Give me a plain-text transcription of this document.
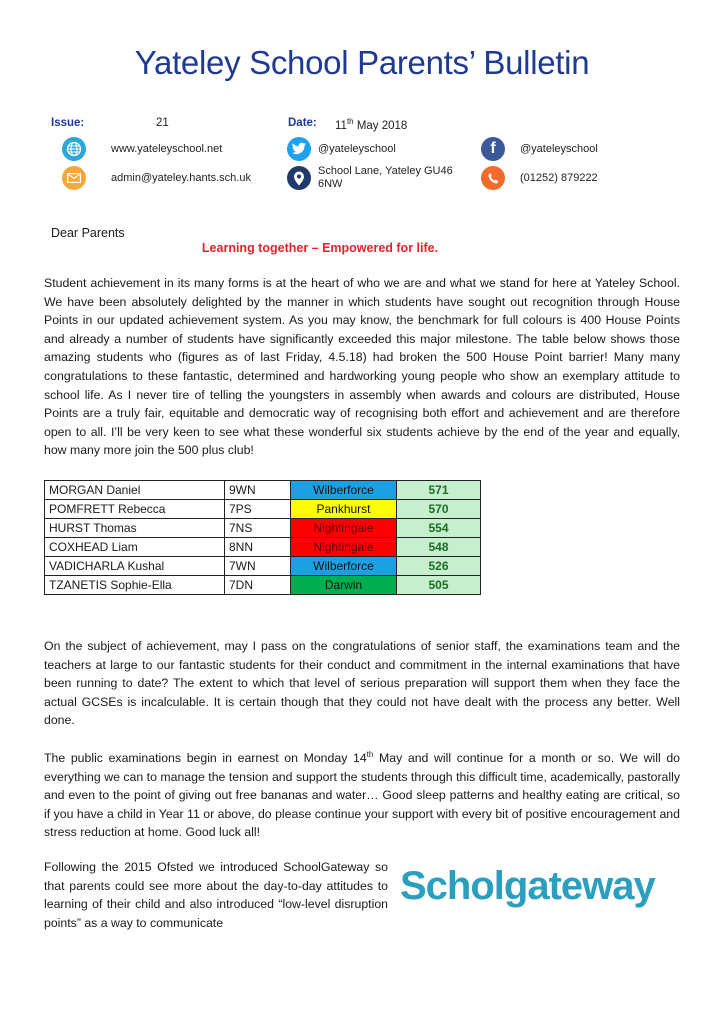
Yateley School Parents’ Bulletin
Issue:	21	Date: 11th May 2018
www.yateleyschool.net	@yateleyschool	f @yateleyschool
admin@yateley.hants.sch.uk
School Lane, Yateley GU46
6NW	(01252) 879222
Dear Parents
Learning together – Empowered for life.
Student achievement in its many forms is at the heart of who we are and what we stand for here at Yateley School. We have been absolutely delighted by the manner in which students have sought out recognition through House Points in our updated achievement system. As you may know, the benchmark for full colours is 400 House Points and already a number of students have significantly exceeded this major milestone. The table below shows those amazing students who (figures as of last Friday, 4.5.18) had broken the 500 House Point barrier! Many many congratulations to these fantastic, determined and hardworking young people who show an exemplary attitude to school life. As I never tire of telling the youngsters in assembly when awards and colours are distributed, House Points are a truly fair, equitable and democratic way of recognising both effort and achievement and are therefore open to all. I’ll be very keen to see what these wonderful six students achieve by the end of the year and equally, how many more join the 500 plus club!
MORGAN Daniel	9WN	Wilberforce	571
POMFRETT Rebecca	7PS	Pankhurst	570
HURST Thomas	7NS	Nightingale	554
COXHEAD Liam	8NN	Nightingale	548
VADICHARLA Kushal	7WN	Wilberforce	526
TZANETIS Sophie-Ella	7DN	Darwin	505
On the subject of achievement, may I pass on the congratulations of senior staff, the examinations team and the teachers at large to our fantastic students for their conduct and commitment in the internal examinations that have been running to date? The extent to which that level of serious preparation will support them when they face the actual GCSEs is incalculable. It is certain though that they could not have dealt with the process any better. Well done.
The public examinations begin in earnest on Monday 14th May and will continue for a month or so. We will do everything we can to manage the tension and support the students through this difficult time, academically, pastorally and even to the point of giving out free bananas and water… Good sleep patterns and healthy eating are critical, so if you have a child in Year 11 or above, do please continue your support with every bit of positive encouragement and stress reduction at home. Good luck all!
Following the 2015 Ofsted we introduced SchoolGateway so that parents could see more about the day-to-day attitudes to learning of their child and also introduced “low-level disruption points” as a way to communicate
Scholgateway
